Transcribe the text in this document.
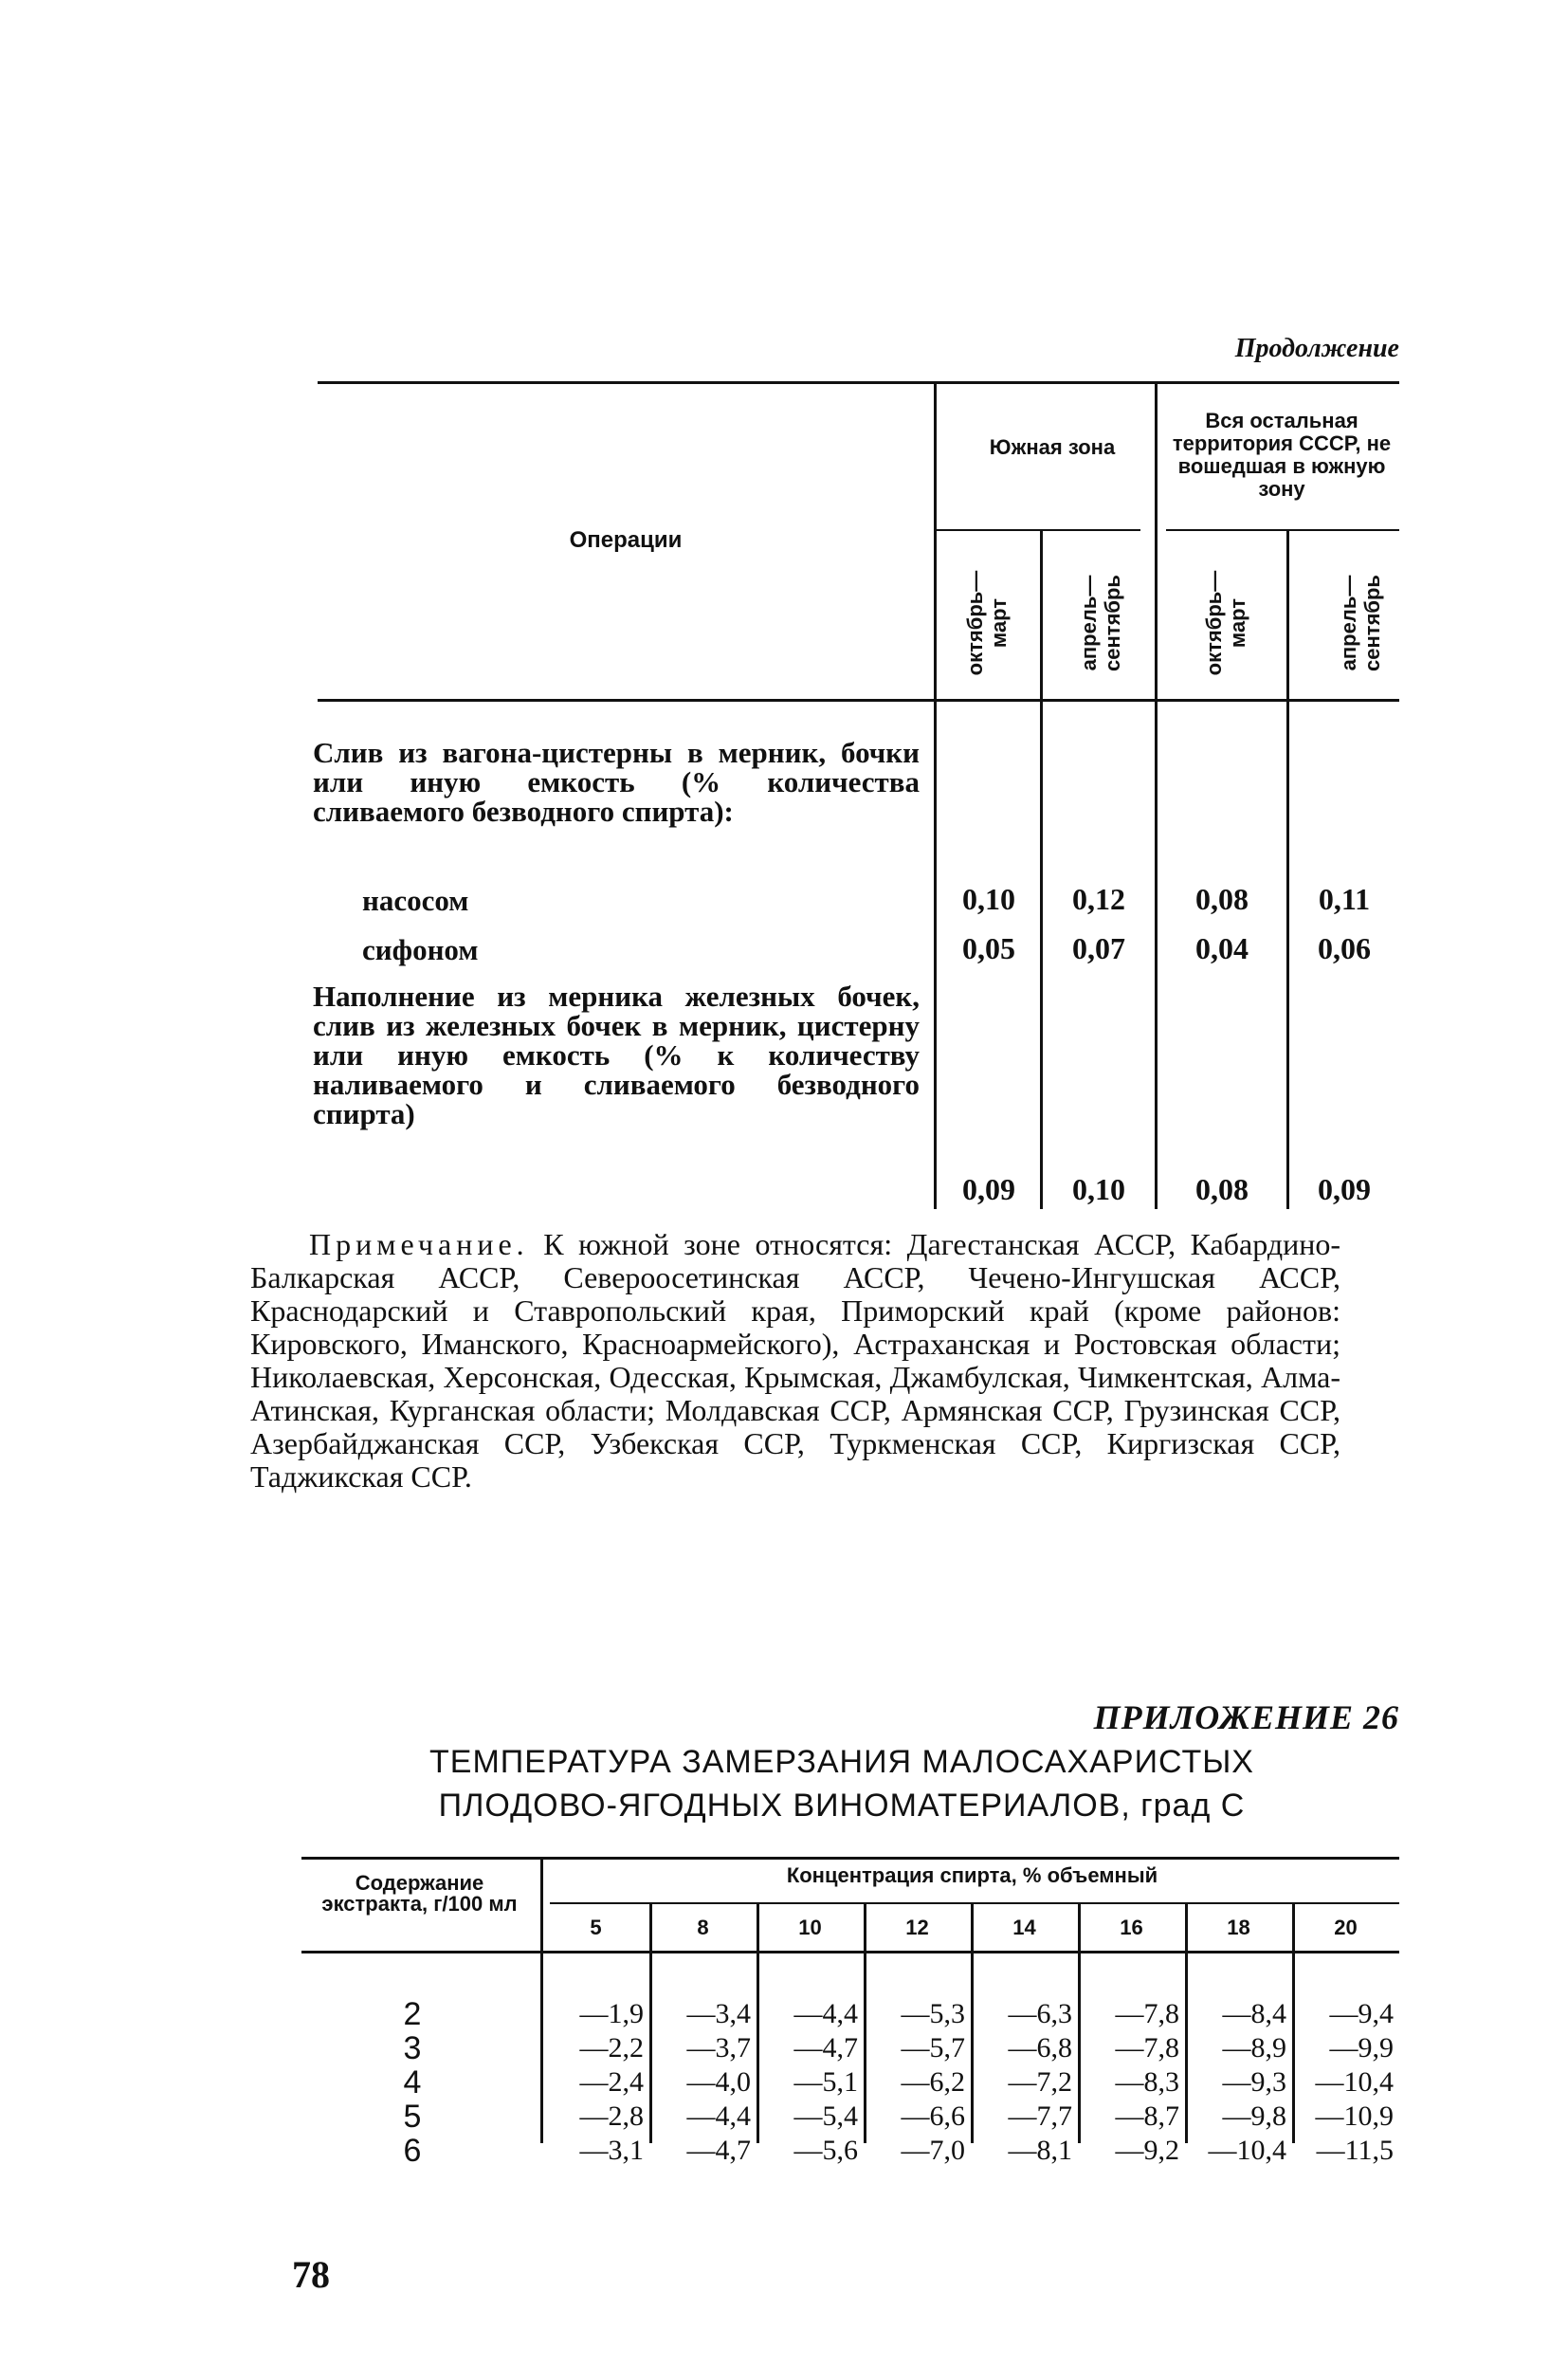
Продолжение
Операции
Южная зона
Вся остальная территория СССР, не вошедшая в южную зону
октябрь— март	апрель— сентябрь	октябрь— март	апрель— сентябрь
Слив из вагона-цистерны в мерник, бочки или иную емкость (% количества сливаемого безводного спирта):
насосом	0,10	0,12	0,08	0,11
сифоном	0,05	0,07	0,04	0,06
Наполнение из мерника железных бочек, слив из железных бочек в мерник, цистерну или иную емкость (% к количеству наливаемого и сливаемого безводного спирта)
0,09	0,10	0,08	0,09
Примечание. К южной зоне относятся: Дагестанская АССР, Кабардино-Балкарская АССР, Североосетинская АССР, Чечено-Ингушская АССР, Краснодарский и Ставропольский края, Приморский край (кроме районов: Кировского, Иманского, Красноармейского), Астраханская и Ростовская области; Николаевская, Херсонская, Одесская, Крымская, Джамбулская, Чимкентская, Алма-Атинская, Курганская области; Молдавская ССР, Армянская ССР, Грузинская ССР, Азербайджанская ССР, Узбекская ССР, Туркменская ССР, Киргизская ССР, Таджикская ССР.
ПРИЛОЖЕНИЕ 26
ТЕМПЕРАТУРА ЗАМЕРЗАНИЯ МАЛОСАХАРИСТЫХ
ПЛОДОВО-ЯГОДНЫХ ВИНОМАТЕРИАЛОВ, град С
Содержание экстракта, г/100 мл
Концентрация спирта, % объемный
5	8	10	12	14	16	18	20
2	—1,9	—3,4	—4,4	—5,3	—6,3	—7,8	—8,4	—9,4
3	—2,2	—3,7	—4,7	—5,7	—6,8	—7,8	—8,9	—9,9
4	—2,4	—4,0	—5,1	—6,2	—7,2	—8,3	—9,3	—10,4
5	—2,8	—4,4	—5,4	—6,6	—7,7	—8,7	—9,8	—10,9
6	—3,1	—4,7	—5,6	—7,0	—8,1	—9,2	—10,4	—11,5
78
